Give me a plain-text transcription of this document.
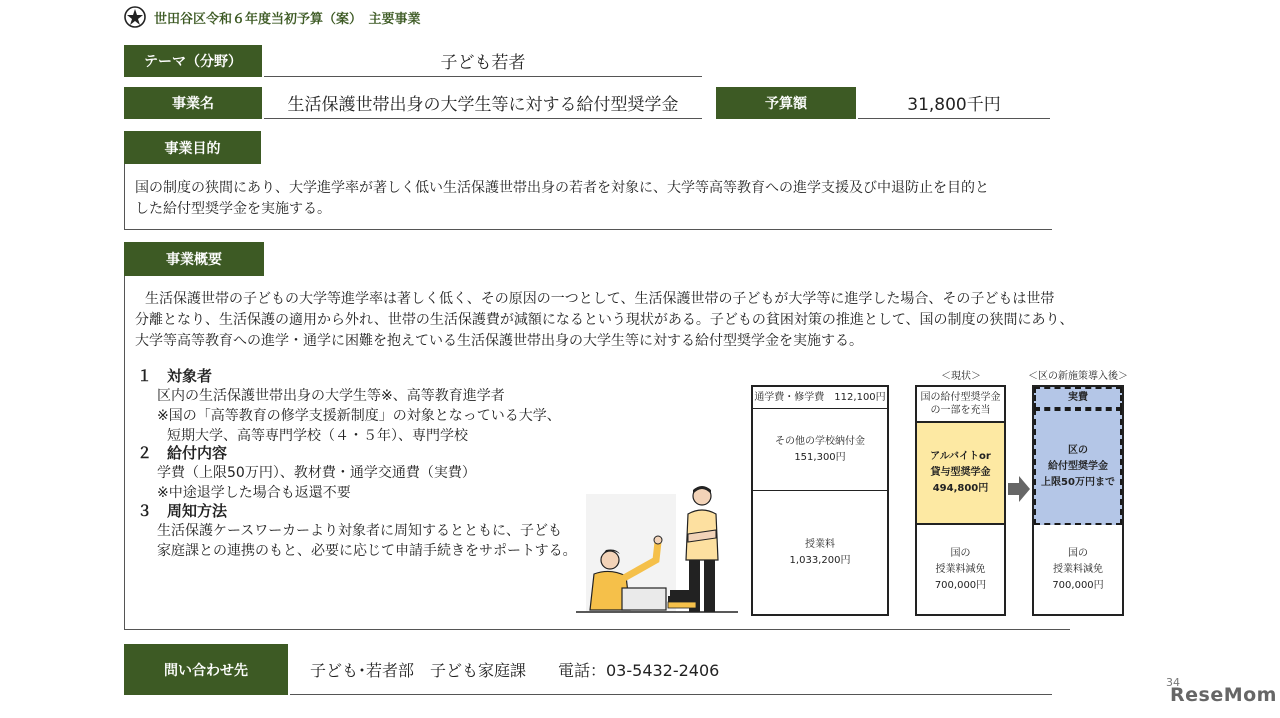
世田谷区令和６年度当初予算（案）　主要事業
テーマ（分野）	子ども若者
事業名	生活保護世帯出身の大学生等に対する給付型奨学金	予算額	31,800千円
事業目的
国の制度の狭間にあり、大学進学率が著しく低い生活保護世帯出身の若者を対象に、大学等高等教育への進学支援及び中退防止を目的と
した給付型奨学金を実施する。
事業概要
生活保護世帯の子どもの大学等進学率は著しく低く、その原因の一つとして、生活保護世帯の子どもが大学等に進学した場合、その子どもは世帯
分離となり、生活保護の適用から外れ、世帯の生活保護費が減額になるという現状がある。子どもの貧困対策の推進として、国の制度の狭間にあり、
大学等高等教育への進学・通学に困難を抱えている生活保護世帯出身の大学生等に対する給付型奨学金を実施する。
１　対象者
区内の生活保護世帯出身の大学生等※、高等教育進学者
※国の「高等教育の修学支援新制度」の対象となっている大学、
短期大学、高等専門学校（４・５年）、専門学校
２　給付内容
学費（上限50万円）、教材費・通学交通費（実費）
※中途退学した場合も返還不要
３　周知方法
生活保護ケースワーカーより対象者に周知するとともに、子ども
家庭課との連携のもと、必要に応じて申請手続きをサポートする。
通学費・修学費　112,100円
その他の学校納付金
151,300円
授業料
1,033,200円
＜現状＞
国の給付型奨学金
の一部を充当
アルバイトor
貸与型奨学金
494,800円
国の
授業料減免
700,000円
＜区の新施策導入後＞
実費
区の
給付型奨学金
上限50万円まで
国の
授業料減免
700,000円
問い合わせ先	子ども･若者部　子ども家庭課　　電話：03-5432-2406
34
ReseMom
